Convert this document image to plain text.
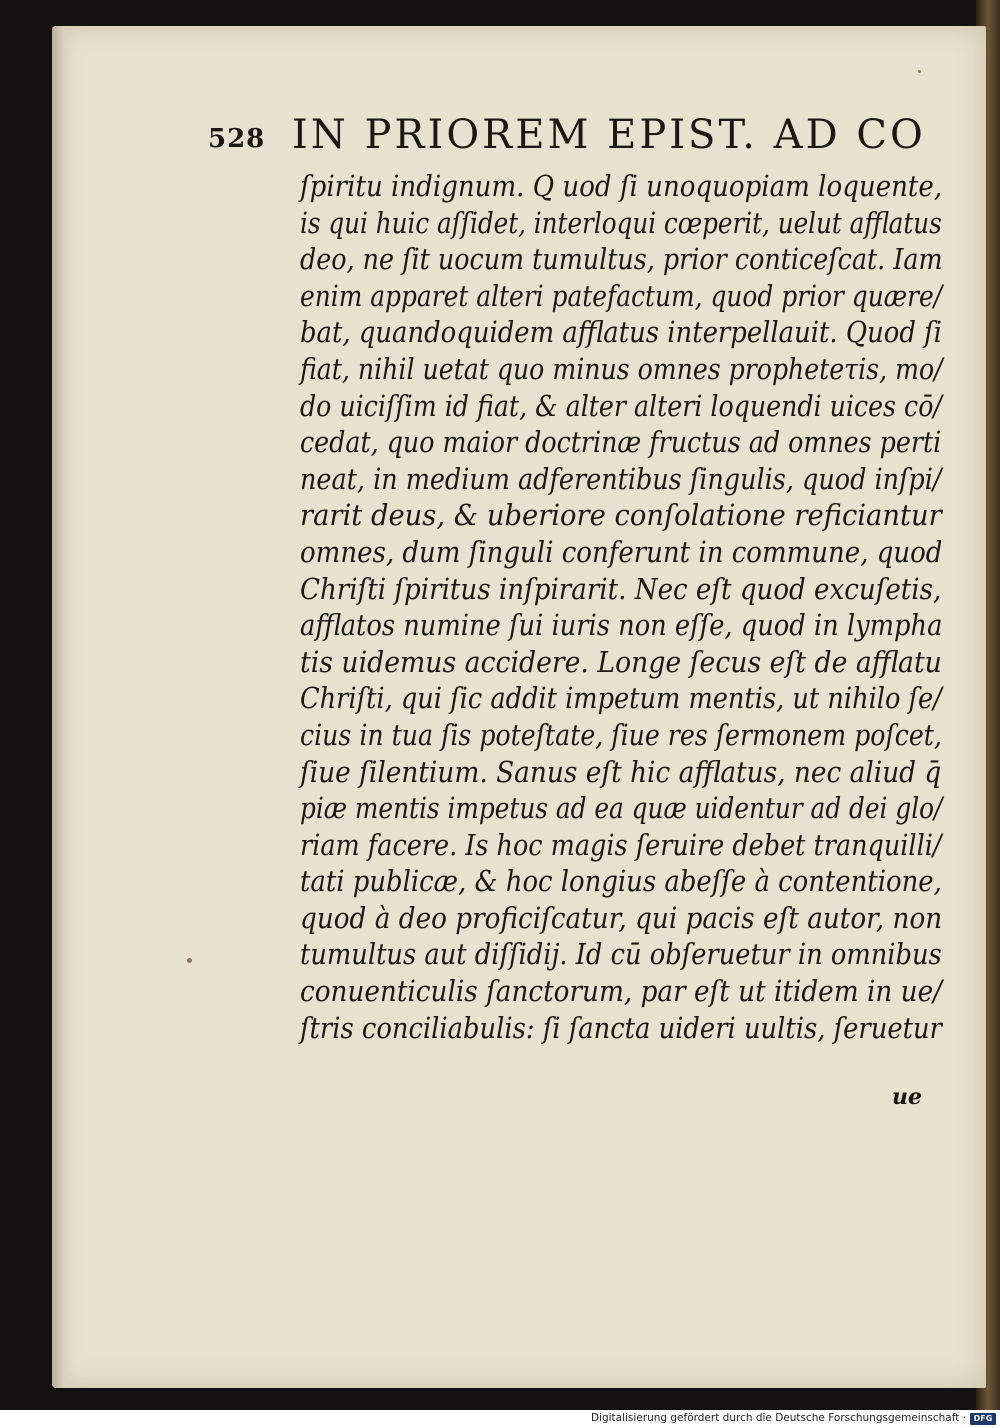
528 IN PRIOREM EPIST. AD CO
ſpiritu indignum. Q uod ſi unoquopiam loquente,
is qui huic aſſidet, interloqui cœperit, uelut afflatus
deo, ne ſit uocum tumultus, prior conticeſcat. Iam
enim apparet alteri patefactum, quod prior quære/
bat, quandoquidem afflatus interpellauit. Quod ſi
fiat, nihil uetat quo minus omnes propheteτis, mo/
do uiciſſim id fiat, & alter alteri loquendi uices cō/
cedat, quo maior doctrinæ fructus ad omnes perti
neat, in medium adferentibus ſingulis, quod inſpi/
rarit deus, & uberiore conſolatione reficiantur
omnes, dum ſinguli conferunt in commune, quod
Chriſti ſpiritus inſpirarit. Nec eſt quod excuſetis,
afflatos numine ſui iuris non eſſe, quod in lympha
tis uidemus accidere. Longe ſecus eſt de afflatu
Chriſti, qui ſic addit impetum mentis, ut nihilo ſe/
cius in tua ſis poteſtate, ſiue res ſermonem poſcet,
ſiue ſilentium. Sanus eſt hic afflatus, nec aliud q̄
piæ mentis impetus ad ea quæ uidentur ad dei glo/
riam facere. Is hoc magis ſeruire debet tranquilli/
tati publicæ, & hoc longius abeſſe à contentione,
quod à deo proficiſcatur, qui pacis eſt autor, non
tumultus aut diſſidij. Id cū obſeruetur in omnibus
conuenticulis ſanctorum, par eſt ut itidem in ue/
ſtris conciliabulis: ſi ſancta uideri uultis, ſeruetur
ue
Digitalisierung gefördert durch die Deutsche Forschungsgemeinschaft · DFG
